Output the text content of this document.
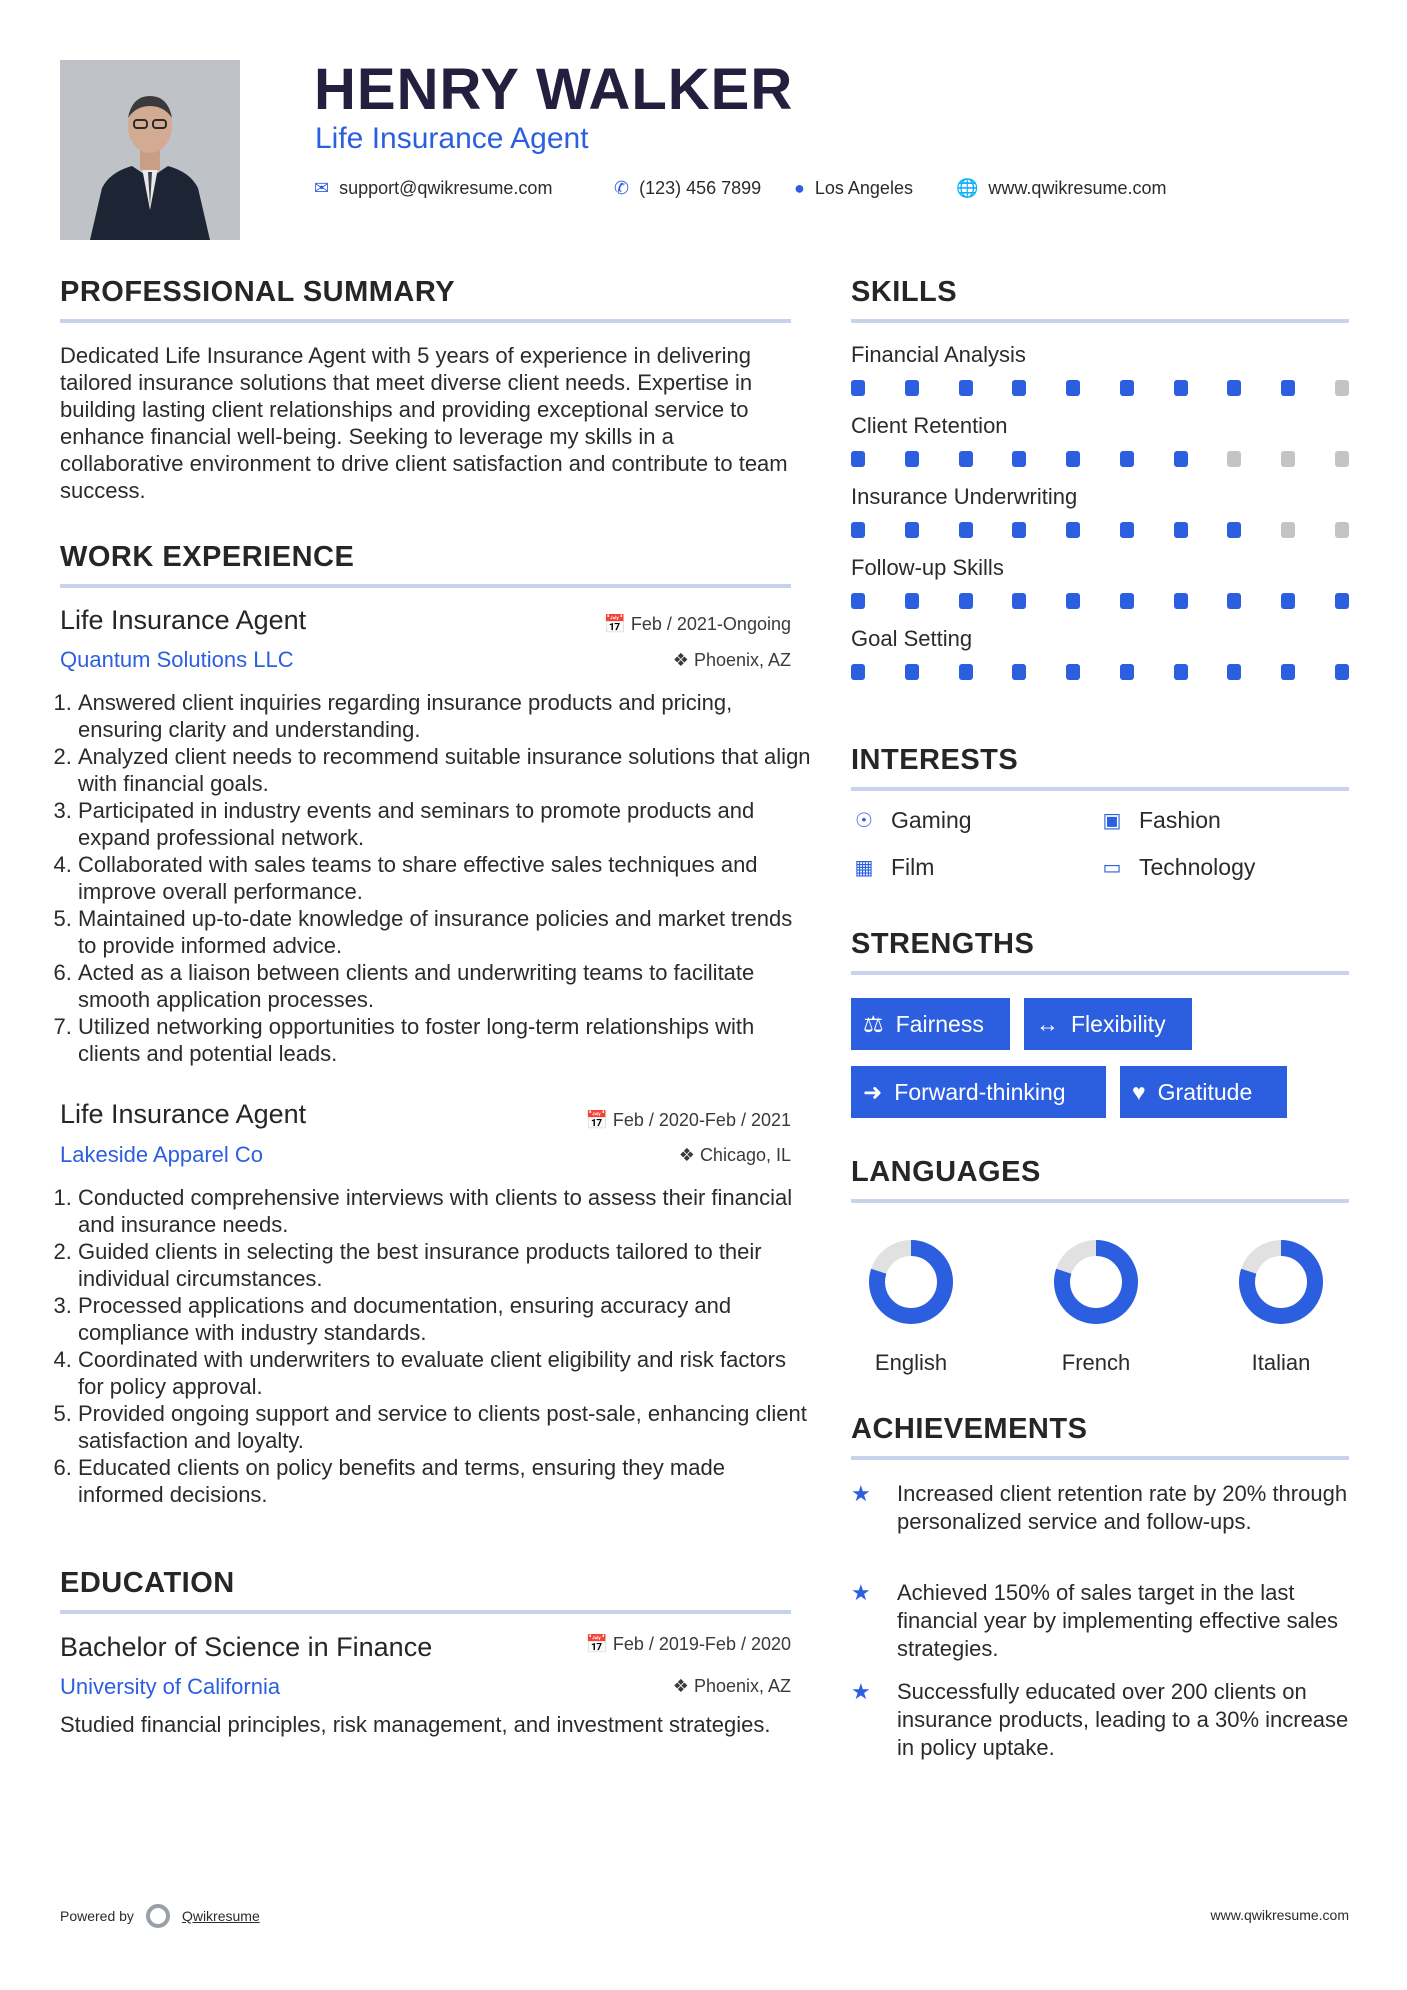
HENRY WALKER
Life Insurance Agent
✉ support@qwikresume.com	✆ (123) 456 7899 ● Los Angeles 🌐 www.qwikresume.com
PROFESSIONAL SUMMARY
Dedicated Life Insurance Agent with 5 years of experience in delivering tailored insurance solutions that meet diverse client needs. Expertise in building lasting client relationships and providing exceptional service to enhance financial well-being. Seeking to leverage my skills in a collaborative environment to drive client satisfaction and contribute to team success.
WORK EXPERIENCE
Life Insurance Agent	📅 Feb / 2021-Ongoing
Quantum Solutions LLC	❖ Phoenix, AZ
1. Answered client inquiries regarding insurance products and pricing, ensuring clarity and understanding.
2. Analyzed client needs to recommend suitable insurance solutions that align with financial goals.
3. Participated in industry events and seminars to promote products and expand professional network.
4. Collaborated with sales teams to share effective sales techniques and improve overall performance.
5. Maintained up-to-date knowledge of insurance policies and market trends to provide informed advice.
6. Acted as a liaison between clients and underwriting teams to facilitate smooth application processes.
7. Utilized networking opportunities to foster long-term relationships with clients and potential leads.
Life Insurance Agent	📅 Feb / 2020-Feb / 2021
Lakeside Apparel Co	❖ Chicago, IL
1. Conducted comprehensive interviews with clients to assess their financial and insurance needs.
2. Guided clients in selecting the best insurance products tailored to their individual circumstances.
3. Processed applications and documentation, ensuring accuracy and compliance with industry standards.
4. Coordinated with underwriters to evaluate client eligibility and risk factors for policy approval.
5. Provided ongoing support and service to clients post-sale, enhancing client satisfaction and loyalty.
6. Educated clients on policy benefits and terms, ensuring they made informed decisions.
EDUCATION
Bachelor of Science in Finance	📅 Feb / 2019-Feb / 2020
University of California	❖ Phoenix, AZ
Studied financial principles, risk management, and investment strategies.
SKILLS
Financial Analysis
Client Retention
Insurance Underwriting
Follow-up Skills
Goal Setting
INTERESTS
☉ Gaming	▣ Fashion
▦ Film	▭ Technology
STRENGTHS
⚖ Fairness ↔ Flexibility
➜ Forward-thinking	♥ Gratitude
LANGUAGES
English	French	Italian
ACHIEVEMENTS
★	Increased client retention rate by 20% through personalized service and follow-ups.
★	Achieved 150% of sales target in the last financial year by implementing effective sales strategies.
★	Successfully educated over 200 clients on insurance products, leading to a 30% increase in policy uptake.
Powered by	Qwikresume	www.qwikresume.com
